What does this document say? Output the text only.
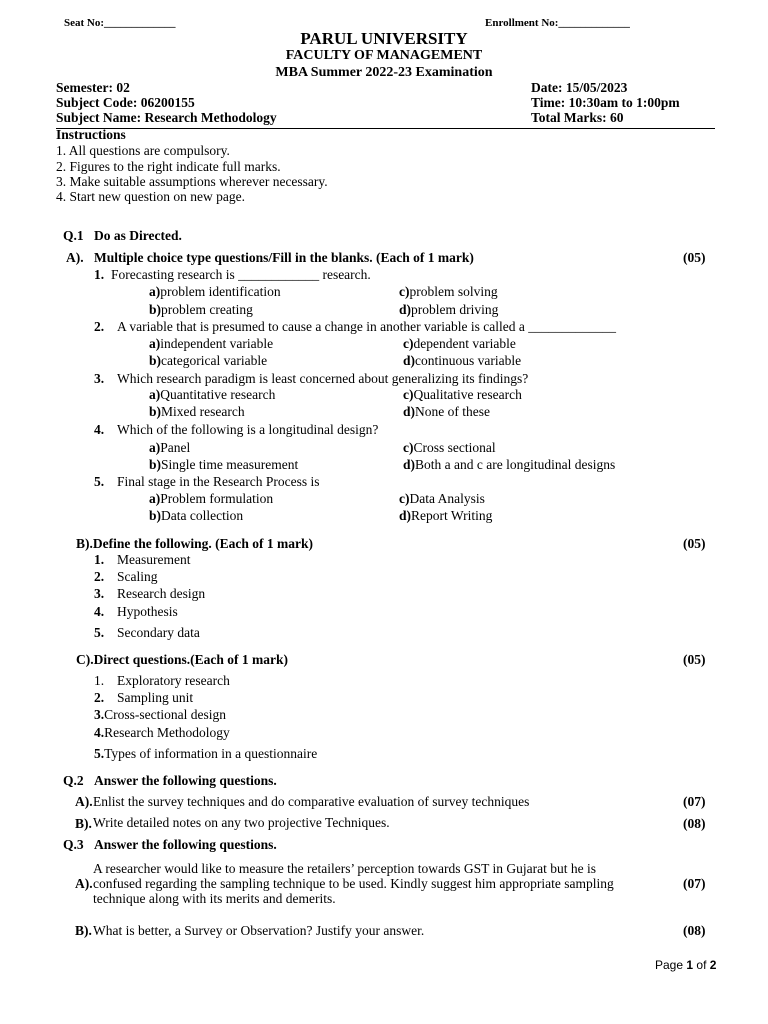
Seat No:_____________	Enrollment No:_____________
PARUL UNIVERSITY
FACULTY OF MANAGEMENT
MBA Summer 2022-23 Examination
Semester: 02
Subject Code: 06200155
Subject Name: Research Methodology
Date: 15/05/2023
Time: 10:30am to 1:00pm
Total Marks: 60
Instructions
1. All questions are compulsory.
2. Figures to the right indicate full marks.
3. Make suitable assumptions wherever necessary.
4. Start new question on new page.
Q.1 Do as Directed.
A). Multiple choice type questions/Fill in the blanks. (Each of 1 mark)	(05)
1. Forecasting research is ____________ research.
a)problem identification	c)problem solving
b)problem creating	d)problem driving
2. A variable that is presumed to cause a change in another variable is called a _____________
a)independent variable	c)dependent variable
b)categorical variable	d)continuous variable
3. Which research paradigm is least concerned about generalizing its findings?
a)Quantitative research	c)Qualitative research
b)Mixed research	d)None of these
4. Which of the following is a longitudinal design?
a)Panel	c)Cross sectional
b)Single time measurement	d)Both a and c are longitudinal designs
5. Final stage in the Research Process is
a)Problem formulation	c)Data Analysis
b)Data collection	d)Report Writing
B).Define the following. (Each of 1 mark)	(05)
1. Measurement
2. Scaling
3. Research design
4. Hypothesis
5. Secondary data
C).Direct questions.(Each of 1 mark)	(05)
1. Exploratory research
2. Sampling unit
3.Cross-sectional design
4.Research Methodology
5.Types of information in a questionnaire
Q.2 Answer the following questions.
A). Enlist the survey techniques and do comparative evaluation of survey techniques	(07)
B). Write detailed notes on any two projective Techniques.	(08)
Q.3 Answer the following questions.
A researcher would like to measure the retailers’ perception towards GST in Gujarat but he is
A). confused regarding the sampling technique to be used. Kindly suggest him appropriate sampling	(07)
technique along with its merits and demerits.
B). What is better, a Survey or Observation? Justify your answer.	(08)
Page 1 of 2
